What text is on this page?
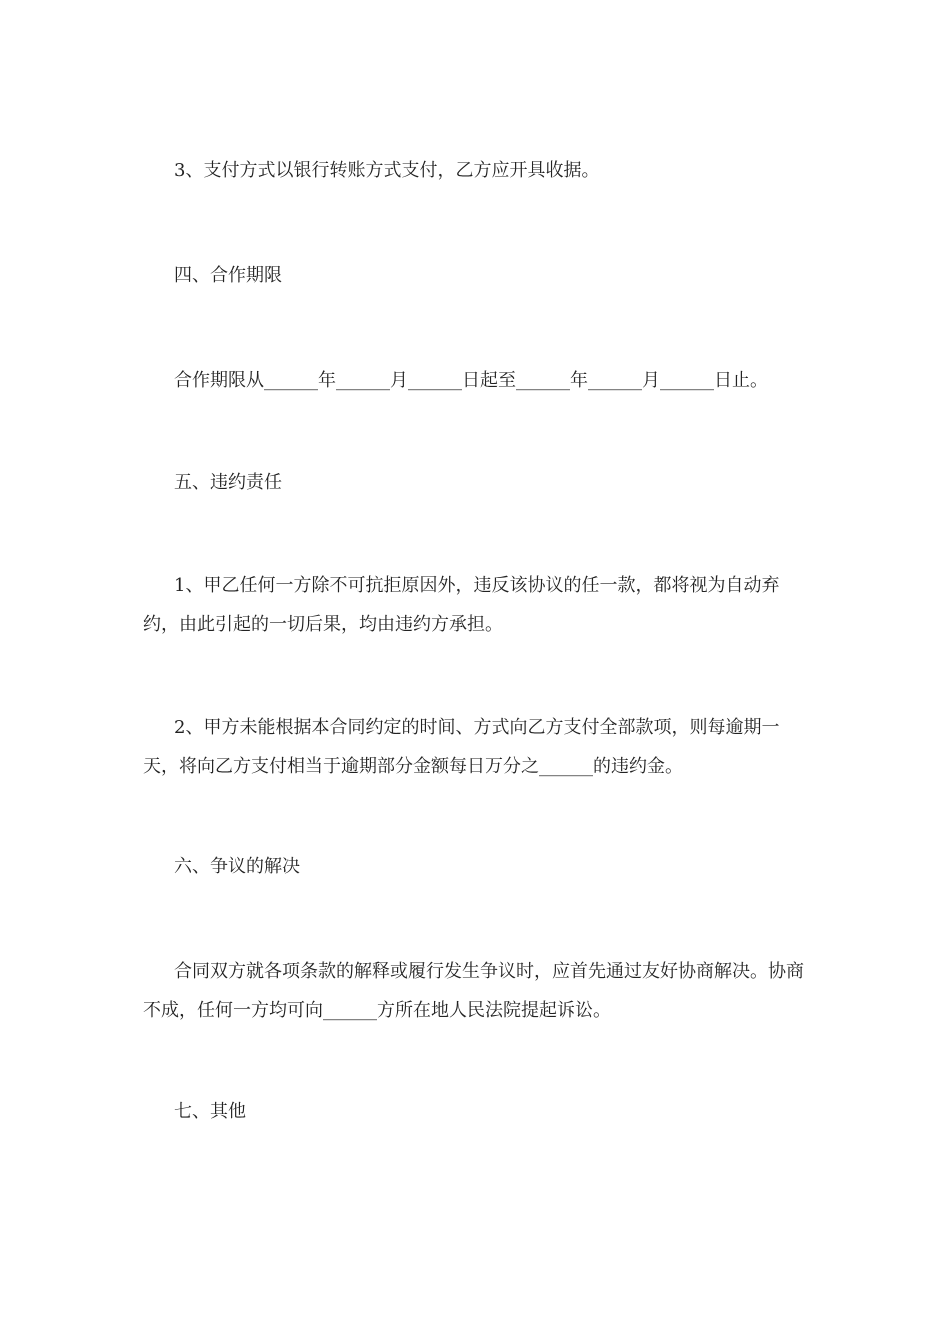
3、支付方式以银行转账方式支付，乙方应开具收据。

四、合作期限

合作期限从______年______月______日起至______年______月______日止。

五、违约责任

1、甲乙任何一方除不可抗拒原因外，违反该协议的任一款，都将视为自动弃约，由此引起的一切后果，均由违约方承担。

2、甲方未能根据本合同约定的时间、方式向乙方支付全部款项，则每逾期一天，将向乙方支付相当于逾期部分金额每日万分之______的违约金。

六、争议的解决

合同双方就各项条款的解释或履行发生争议时，应首先通过友好协商解决。协商不成，任何一方均可向______方所在地人民法院提起诉讼。

七、其他
